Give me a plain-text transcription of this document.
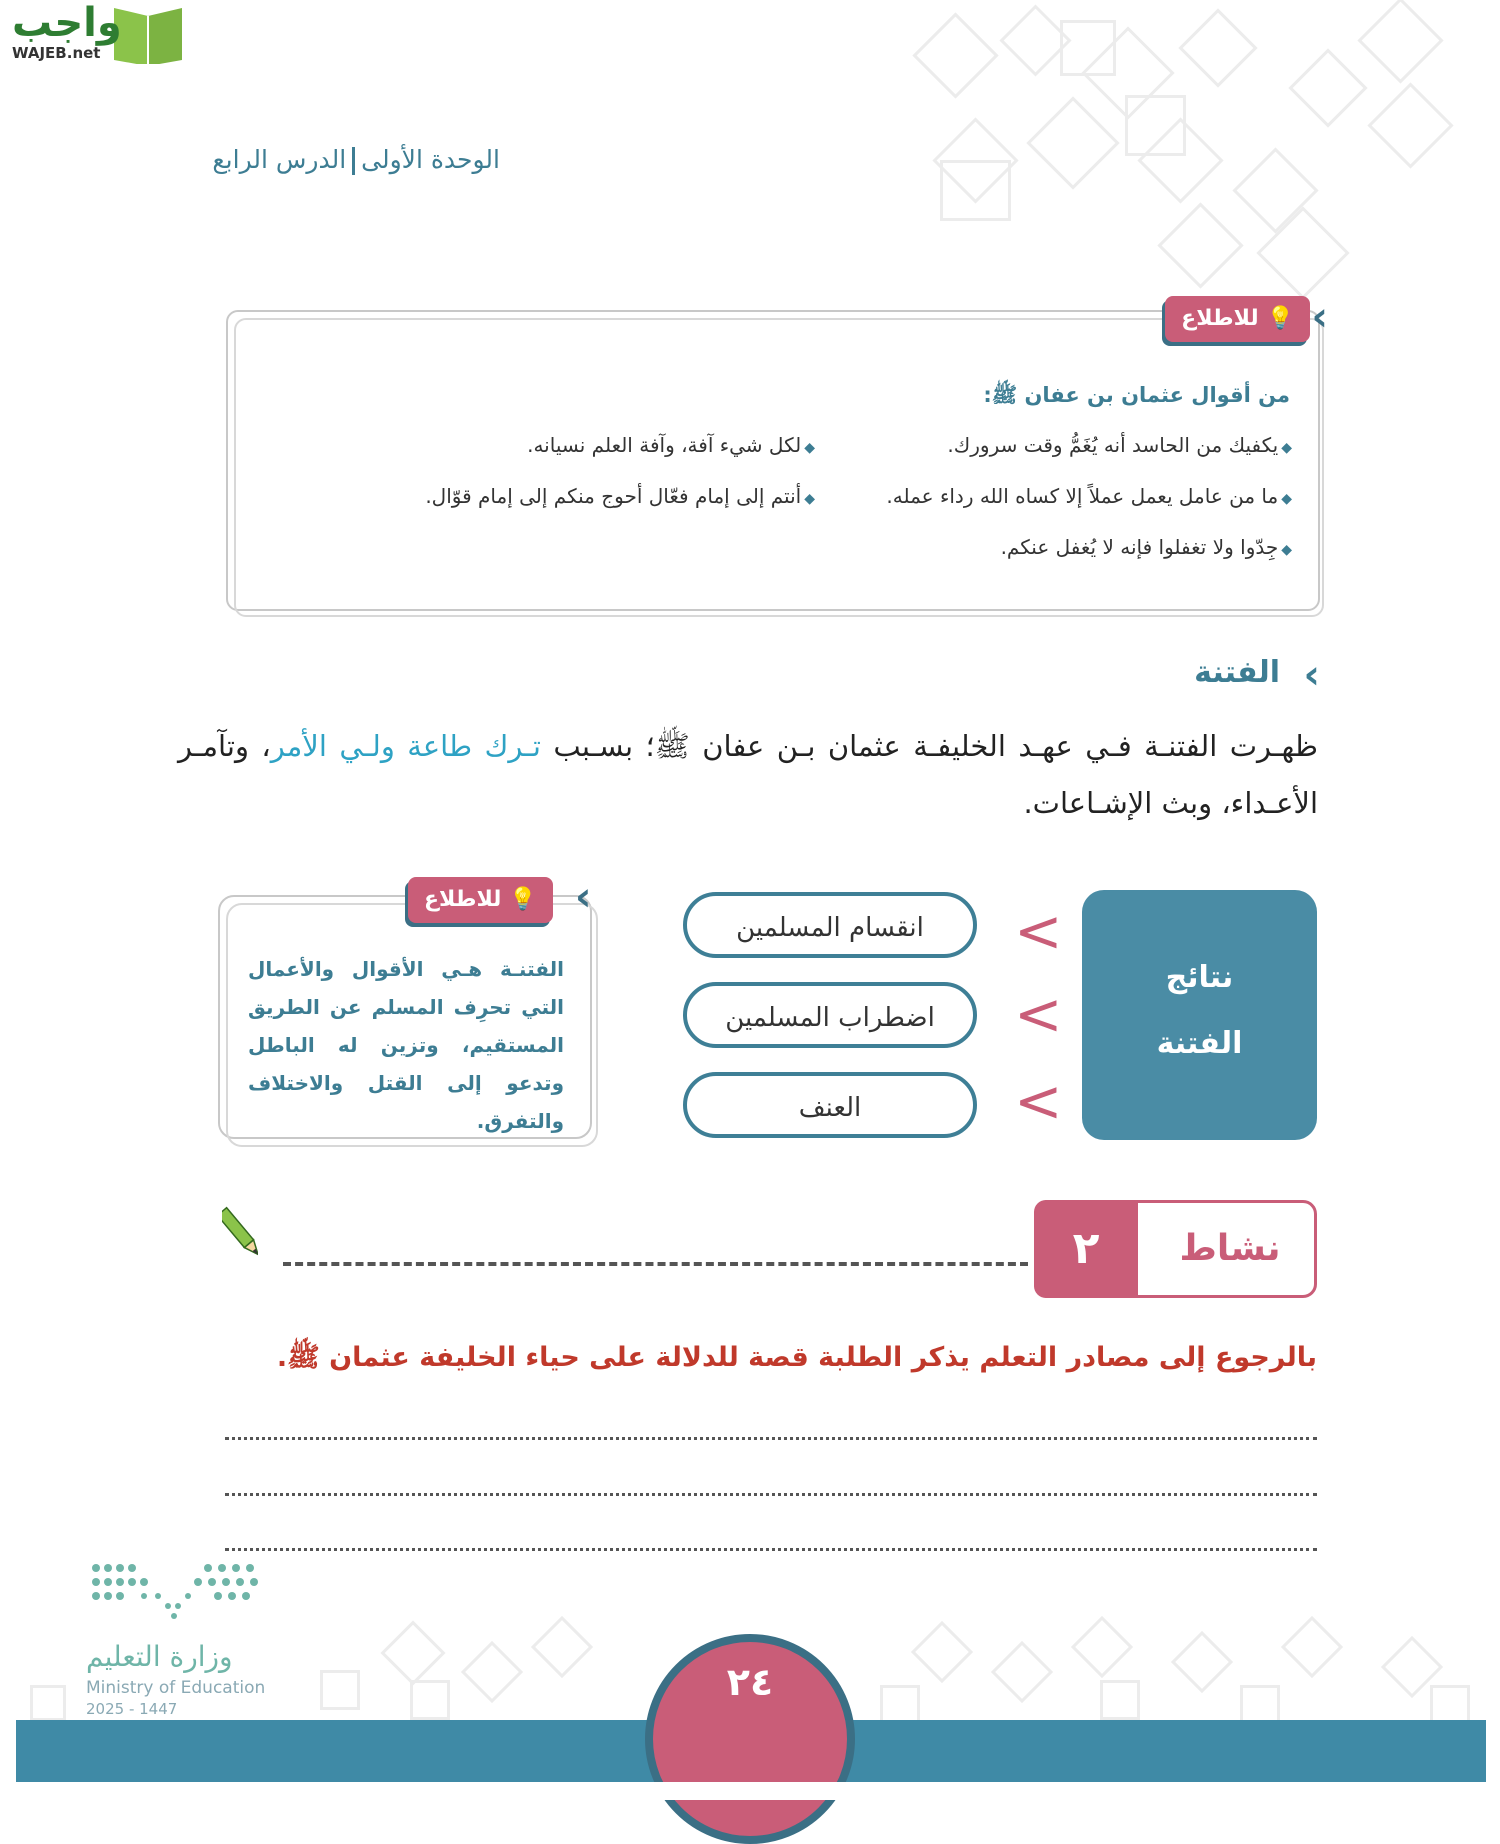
واجب
WAJEB.net
الوحدة الأولىالدرس الرابع
💡للاطلاع	‹
من أقوال عثمان بن عفان ﷺ:
◆يكفيك من الحاسد أنه يُغَمُّ وقت سرورك.
◆لكل شيء آفة، وآفة العلم نسيانه.
◆ما من عامل يعمل عملاً إلا كساه الله رداء عمله.
◆أنتم إلى إمام فعّال أحوج منكم إلى إمام قوّال.
◆جِدّوا ولا تغفلوا فإنه لا يُغفل عنكم.
‹
الفتنة
ظهـرت الفتنـة فـي عهـد الخليفـة عثمان بـن عفان ﷺ؛ بسـبب تـرك طاعة ولـي الأمر، وتآمـر الأعـداء، وبث الإشـاعات.
نتائج
الفتنة
<
<
<
انقسام المسلمين
اضطراب المسلمين
العنف
💡للاطلاع	‹
الفتنـة هـي الأقوال والأعمال التي تحرِف المسلم عن الطريق المستقيم، وتزين له الباطل وتدعو إلى القتل والاختلاف والتفرق.
٢	نشاط
بالرجوع إلى مصادر التعلم يذكر الطلبة قصة للدلالة على حياء الخليفة عثمان ﷺ.
وزارة التعليم
Ministry of Education
2025 - 1447
٢٤
